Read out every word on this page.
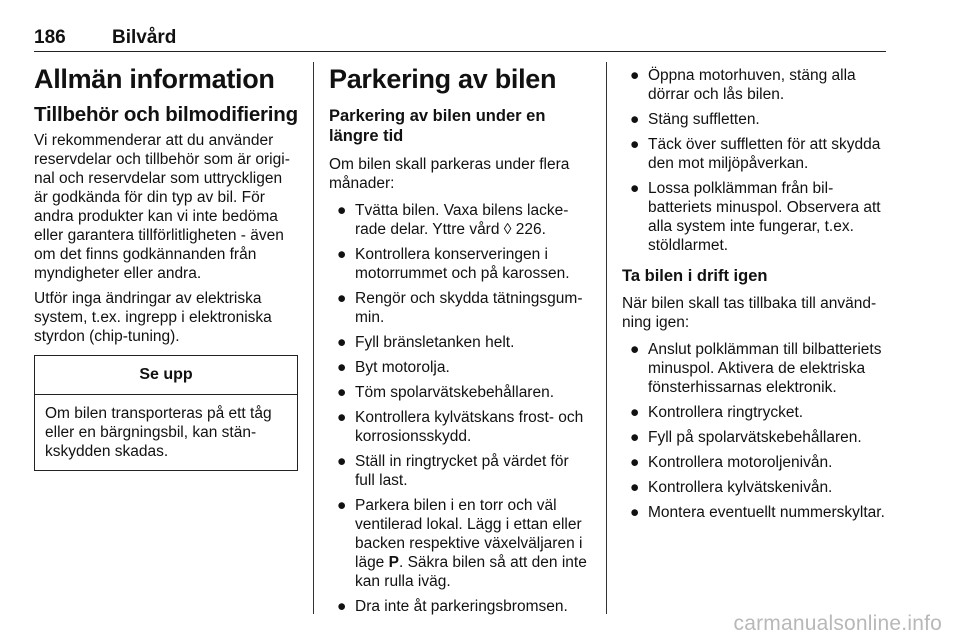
186 Bilvård
Allmän information
Tillbehör och bilmodifiering

Vi rekommenderar att du använder reservdelar och tillbehör som är original och reservdelar som uttryckligen är godkända för din typ av bil. För andra produkter kan vi inte bedöma eller garantera tillförlitligheten - även om det finns godkännanden från myndigheter eller andra.

Utför inga ändringar av elektriska system, t.ex. ingrepp i elektroniska styrdon (chip-tuning).

Se upp
Om bilen transporteras på ett tåg eller en bärgningsbil, kan stänkskydden skadas.
Parkering av bilen
Parkering av bilen under en längre tid

Om bilen skall parkeras under flera månader:

● Tvätta bilen. Vaxa bilens lackerade delar. Yttre vård ◊ 226.
● Kontrollera konserveringen i motorrummet och på karossen.
● Rengör och skydda tätningsgummin.
● Fyll bränsletanken helt.
● Byt motorolja.
● Töm spolarvätskebehållaren.
● Kontrollera kylvätskans frost- och korrosionsskydd.
● Ställ in ringtrycket på värdet för full last.
● Parkera bilen i en torr och väl ventilerad lokal. Lägg i ettan eller backen respektive växelväljaren i läge P. Säkra bilen så att den inte kan rulla iväg.
● Dra inte åt parkeringsbromsen.
● Öppna motorhuven, stäng alla dörrar och lås bilen.
● Stäng suffletten.
● Täck över suffletten för att skydda den mot miljöpåverkan.
● Lossa polklämman från bilbatteriets minuspol. Observera att alla system inte fungerar, t.ex. stöldlarmet.
Ta bilen i drift igen

När bilen skall tas tillbaka till användning igen:

● Anslut polklämman till bilbatteriets minuspol. Aktivera de elektriska fönsterhissarnas elektronik.
● Kontrollera ringtrycket.
● Fyll på spolarvätskebehållaren.
● Kontrollera motoroljenivån.
● Kontrollera kylvätskenivån.
● Montera eventuellt nummerskyltar.
carmanualsonline.info
